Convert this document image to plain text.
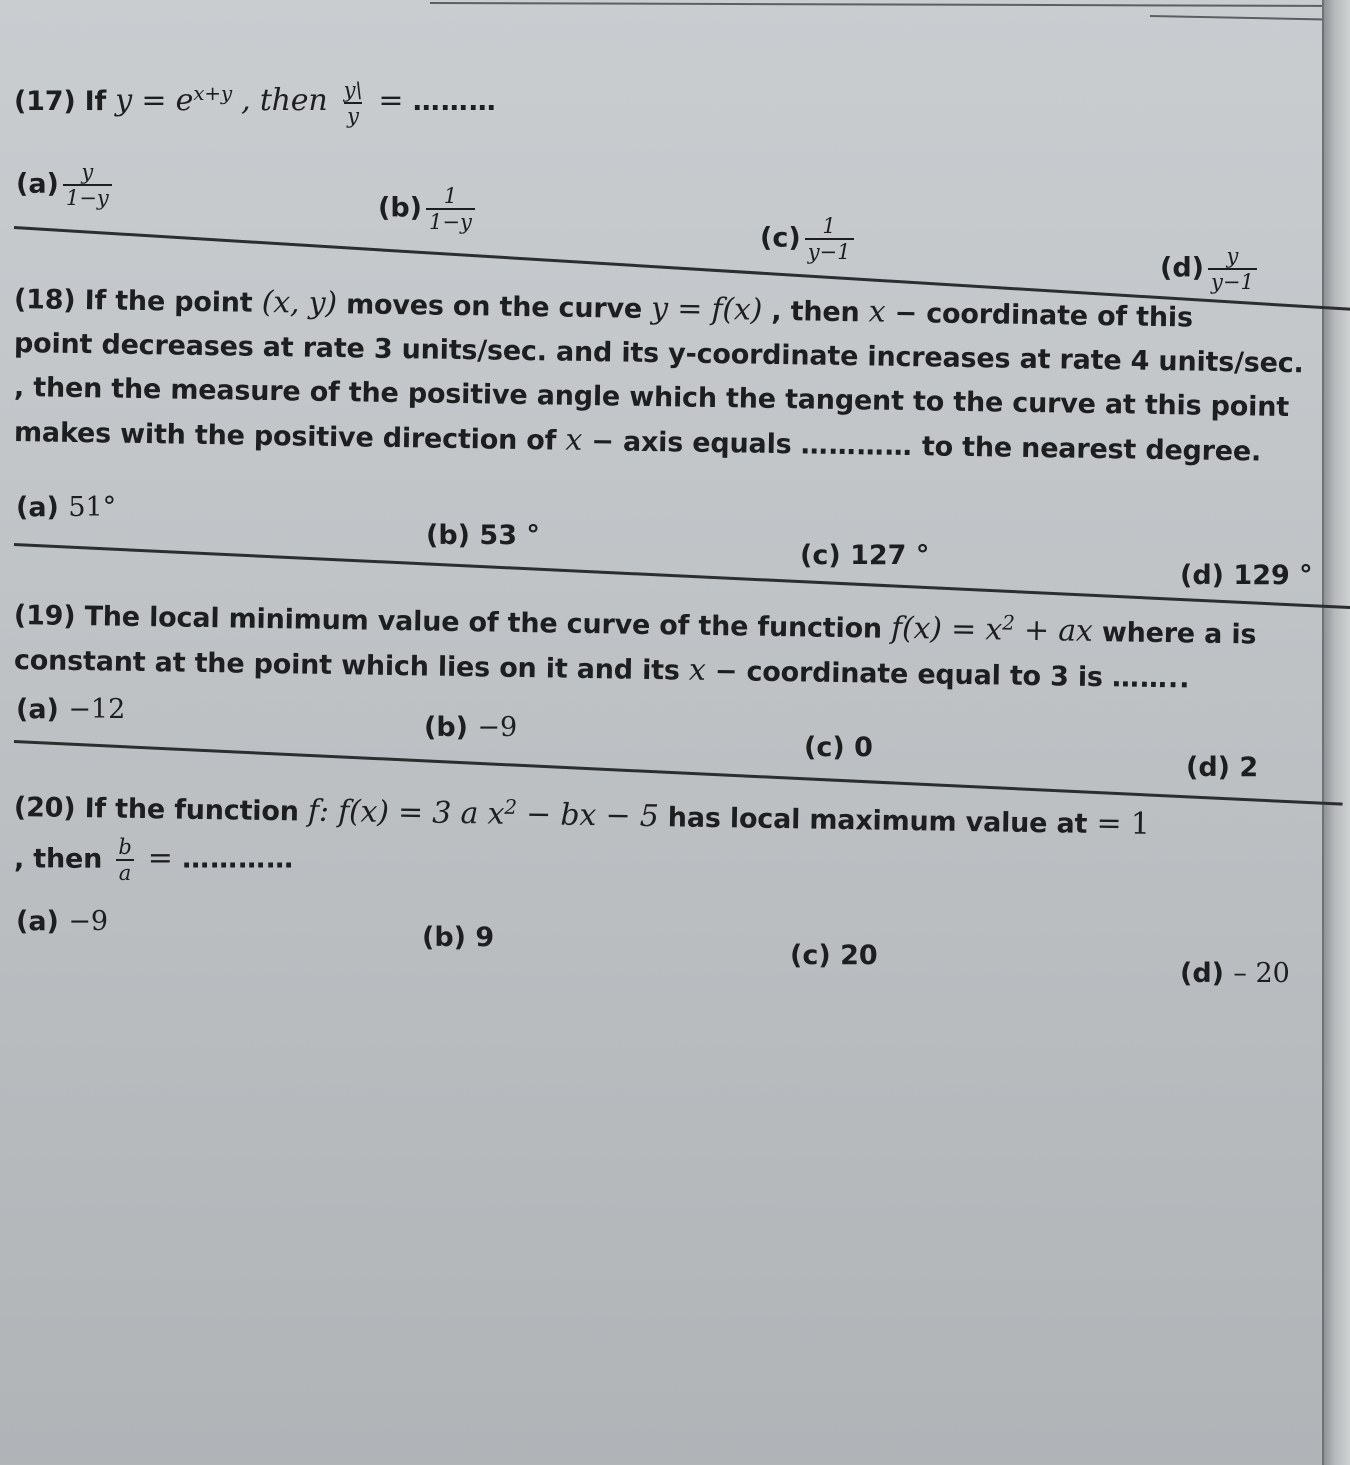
(17) If $y = e^{x+y}$ , then $\frac{y\backslash}{y}$ = ………
$(a) \frac{y}{1-y}$	$(b) \frac{1}{1-y}$
$(c) \frac{1}{y-1}$
$(d) \frac{y}{y-1}$
(18) If the point (x, y) moves on the curve y = f(x) , then x − coordinate of this
point decreases at rate 3 units/sec. and its y-coordinate increases at rate 4 units/sec.
, then the measure of the positive angle which the tangent to the curve at this point
makes with the positive direction of x − axis equals ………… to the nearest degree.
(a) 51°
(b) 53 °
(c) 127 °
(d) 129 °
(19) The local minimum value of the curve of the function $f(x) = x^2$ + ax where a is
constant at the point which lies on it and its x − coordinate equal to 3 is ……..
(a) −12
(b) −9
(c) 0
(d) 2
(20) If the function f: f(x) = 3 a $x^2$ − bx − 5 has local maximum value at = 1
, then $\frac{b}{a}$ = …………
(a) −9
(b) 9
(c) 20
(d) – 20
